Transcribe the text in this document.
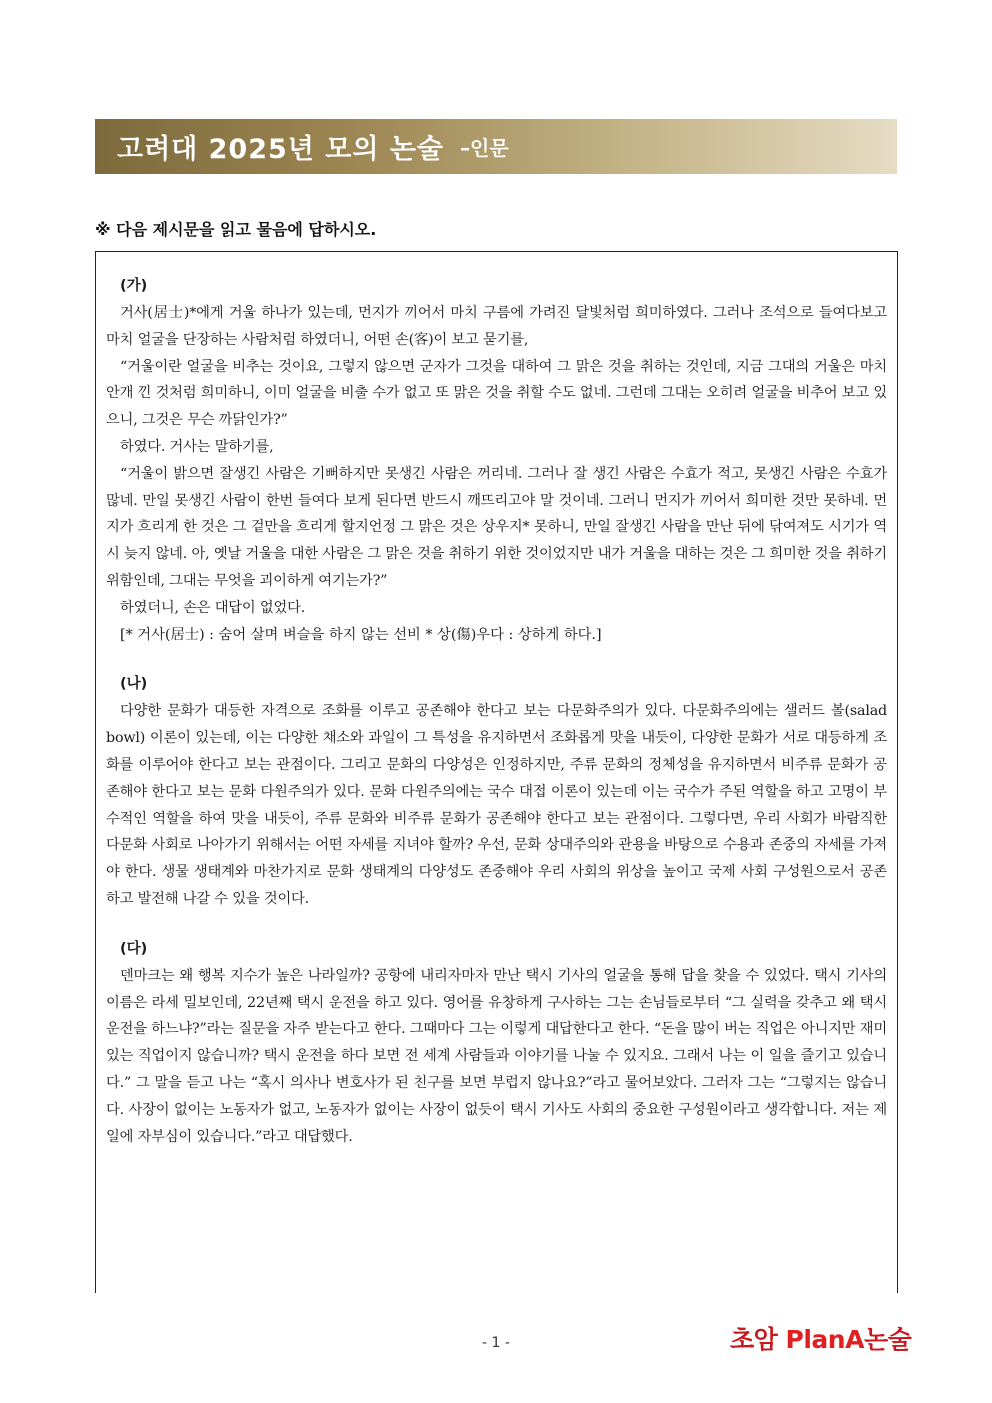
고려대 2025년 모의 논술 –인문
※ 다음 제시문을 읽고 물음에 답하시오.
(가)

거사(居士)*에게 거울 하나가 있는데, 먼지가 끼어서 마치 구름에 가려진 달빛처럼 희미하였다. 그러나 조석으로 들여다보고 마치 얼굴을 단장하는 사람처럼 하였더니, 어떤 손(客)이 보고 묻기를,

“거울이란 얼굴을 비추는 것이요, 그렇지 않으면 군자가 그것을 대하여 그 맑은 것을 취하는 것인데, 지금 그대의 거울은 마치 안개 낀 것처럼 희미하니, 이미 얼굴을 비출 수가 없고 또 맑은 것을 취할 수도 없네. 그런데 그대는 오히려 얼굴을 비추어 보고 있으니, 그것은 무슨 까닭인가?”

하였다. 거사는 말하기를,

“거울이 밝으면 잘생긴 사람은 기뻐하지만 못생긴 사람은 꺼리네. 그러나 잘 생긴 사람은 수효가 적고, 못생긴 사람은 수효가 많네. 만일 못생긴 사람이 한번 들여다 보게 된다면 반드시 깨뜨리고야 말 것이네. 그러니 먼지가 끼어서 희미한 것만 못하네. 먼지가 흐리게 한 것은 그 겉만을 흐리게 할지언정 그 맑은 것은 상우지* 못하니, 만일 잘생긴 사람을 만난 뒤에 닦여져도 시기가 역시 늦지 않네. 아, 옛날 거울을 대한 사람은 그 맑은 것을 취하기 위한 것이었지만 내가 거울을 대하는 것은 그 희미한 것을 취하기 위함인데, 그대는 무엇을 괴이하게 여기는가?”

하였더니, 손은 대답이 없었다.

[* 거사(居士) : 숨어 살며 벼슬을 하지 않는 선비 * 상(傷)우다 : 상하게 하다.]

(나)

다양한 문화가 대등한 자격으로 조화를 이루고 공존해야 한다고 보는 다문화주의가 있다. 다문화주의에는 샐러드 볼(salad bowl) 이론이 있는데, 이는 다양한 채소와 과일이 그 특성을 유지하면서 조화롭게 맛을 내듯이, 다양한 문화가 서로 대등하게 조화를 이루어야 한다고 보는 관점이다. 그리고 문화의 다양성은 인정하지만, 주류 문화의 정체성을 유지하면서 비주류 문화가 공존해야 한다고 보는 문화 다원주의가 있다. 문화 다원주의에는 국수 대접 이론이 있는데 이는 국수가 주된 역할을 하고 고명이 부수적인 역할을 하여 맛을 내듯이, 주류 문화와 비주류 문화가 공존해야 한다고 보는 관점이다. 그렇다면, 우리 사회가 바람직한 다문화 사회로 나아가기 위해서는 어떤 자세를 지녀야 할까? 우선, 문화 상대주의와 관용을 바탕으로 수용과 존중의 자세를 가져야 한다. 생물 생태계와 마찬가지로 문화 생태계의 다양성도 존중해야 우리 사회의 위상을 높이고 국제 사회 구성원으로서 공존하고 발전해 나갈 수 있을 것이다.

(다)

덴마크는 왜 행복 지수가 높은 나라일까? 공항에 내리자마자 만난 택시 기사의 얼굴을 통해 답을 찾을 수 있었다. 택시 기사의 이름은 라세 밀보인데, 22년째 택시 운전을 하고 있다. 영어를 유창하게 구사하는 그는 손님들로부터 “그 실력을 갖추고 왜 택시 운전을 하느냐?”라는 질문을 자주 받는다고 한다. 그때마다 그는 이렇게 대답한다고 한다. “돈을 많이 버는 직업은 아니지만 재미있는 직업이지 않습니까? 택시 운전을 하다 보면 전 세계 사람들과 이야기를 나눌 수 있지요. 그래서 나는 이 일을 즐기고 있습니다.” 그 말을 듣고 나는 “혹시 의사나 변호사가 된 친구를 보면 부럽지 않나요?”라고 물어보았다. 그러자 그는 “그렇지는 않습니다. 사장이 없이는 노동자가 없고, 노동자가 없이는 사장이 없듯이 택시 기사도 사회의 중요한 구성원이라고 생각합니다. 저는 제 일에 자부심이 있습니다.”라고 대답했다.

- 1 -	초암 PlanA논술
